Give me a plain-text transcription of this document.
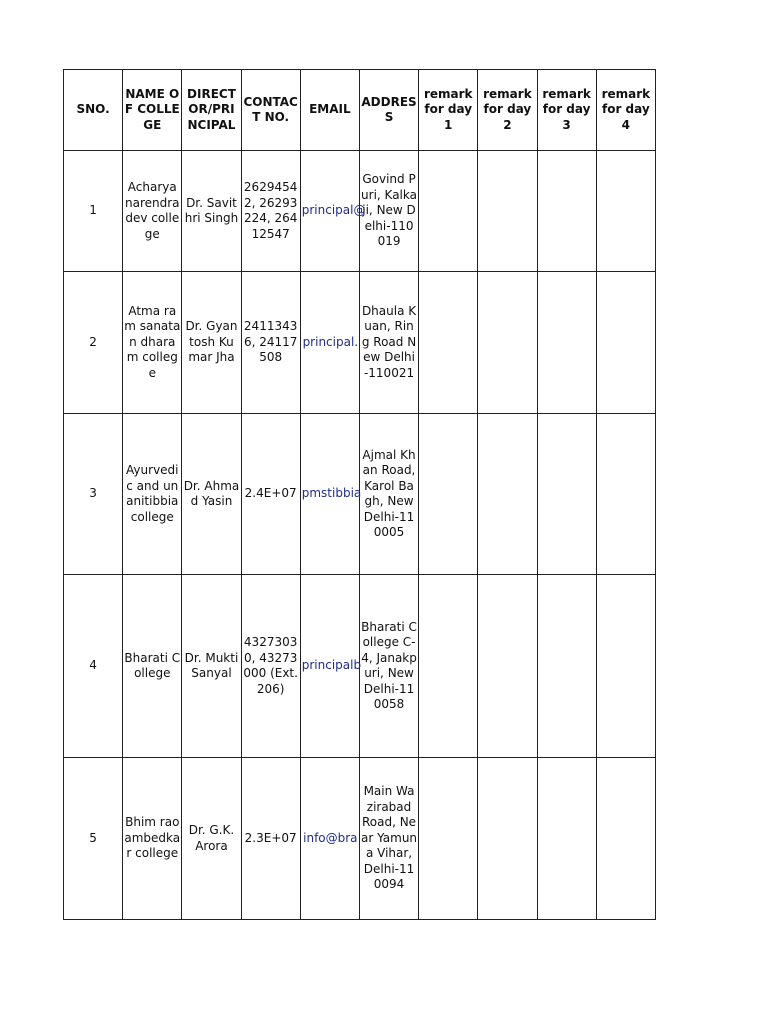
SNO.	NAME OF COLLEGE	DIRECTOR/PRINCIPAL	CONTACT NO.	EMAIL	ADDRESS	remark for day 1	remark for day 2	remark for day 3	remark for day 4

1	Acharya narendra dev college	Dr. Savithri Singh	26294542, 26293224, 26412547	principal@	Govind Puri, Kalkaji, New Delhi-110019				

2	Atma ram sanatan dharam college	Dr. Gyantosh Kumar Jha	24113436, 24117508	principal.	Dhaula Kuan, Ring Road New Delhi-110021				

3	Ayurvedic and unanitibbia college	Dr. Ahmad Yasin	2.4E+07	pmstibbia	Ajmal Khan Road, Karol Bagh, New Delhi-110005				

4	Bharati College	Dr. Mukti Sanyal	43273030, 43273000 (Ext. 206)	principalb	Bharati College C-4, Janakpuri, New Delhi-110058				

5	Bhim rao ambedkar college	Dr. G.K. Arora	2.3E+07	info@bra	Main Wazirabad Road, Near Yamuna Vihar, Delhi-110094				
